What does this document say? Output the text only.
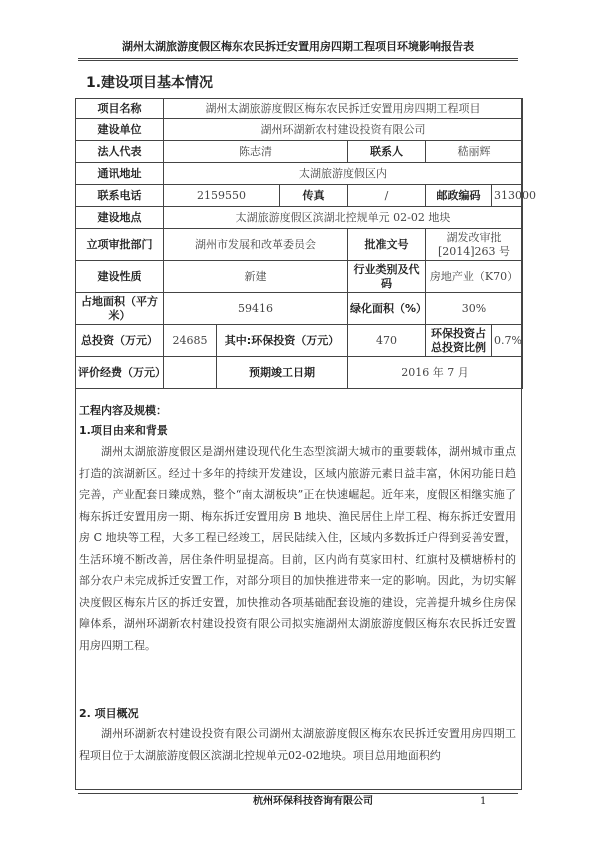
湖州太湖旅游度假区梅东农民拆迁安置用房四期工程项目环境影响报告表
1.建设项目基本情况
项目名称	湖州太湖旅游度假区梅东农民拆迁安置用房四期工程项目					
建设单位	湖州环湖新农村建设投资有限公司					
法人代表	陈志清			联系人	嵇丽辉	
通讯地址	太湖旅游度假区内					
联系电话	2159550		传真	/	邮政编码	313000
建设地点	太湖旅游度假区滨湖北控规单元 02-02 地块					
立项审批部门	湖州市发展和改革委员会			批准文号	湖发改审批[2014]263 号	
建设性质	新建			行业类别及代码	房地产业（K70）	
占地面积（平方米）	59416			绿化面积（%）	30%	
总投资（万元）	24685	其中:环保投资（万元）		470	环保投资占总投资比例	0.7%
评价经费（万元）		预期竣工日期		2016 年 7 月		
工程内容及规模：
1.项目由来和背景
湖州太湖旅游度假区是湖州建设现代化生态型滨湖大城市的重要载体，湖州城市重点打造的滨湖新区。经过十多年的持续开发建设，区域内旅游元素日益丰富，休闲功能日趋完善，产业配套日臻成熟，整个“南太湖板块”正在快速崛起。近年来，度假区相继实施了梅东拆迁安置用房一期、梅东拆迁安置用房 B 地块、渔民居住上岸工程、梅东拆迁安置用房 C 地块等工程，大多工程已经竣工，居民陆续入住，区域内多数拆迁户得到妥善安置，生活环境不断改善，居住条件明显提高。目前，区内尚有莫家田村、红旗村及横塘桥村的部分农户未完成拆迁安置工作，对部分项目的加快推进带来一定的影响。因此，为切实解决度假区梅东片区的拆迁安置，加快推动各项基础配套设施的建设，完善提升城乡住房保障体系，湖州环湖新农村建设投资有限公司拟实施湖州太湖旅游度假区梅东农民拆迁安置用房四期工程。
2. 项目概况
湖州环湖新农村建设投资有限公司湖州太湖旅游度假区梅东农民拆迁安置用房四期工程项目位于太湖旅游度假区滨湖北控规单元02-02地块。项目总用地面积约
杭州环保科技咨询有限公司	1
